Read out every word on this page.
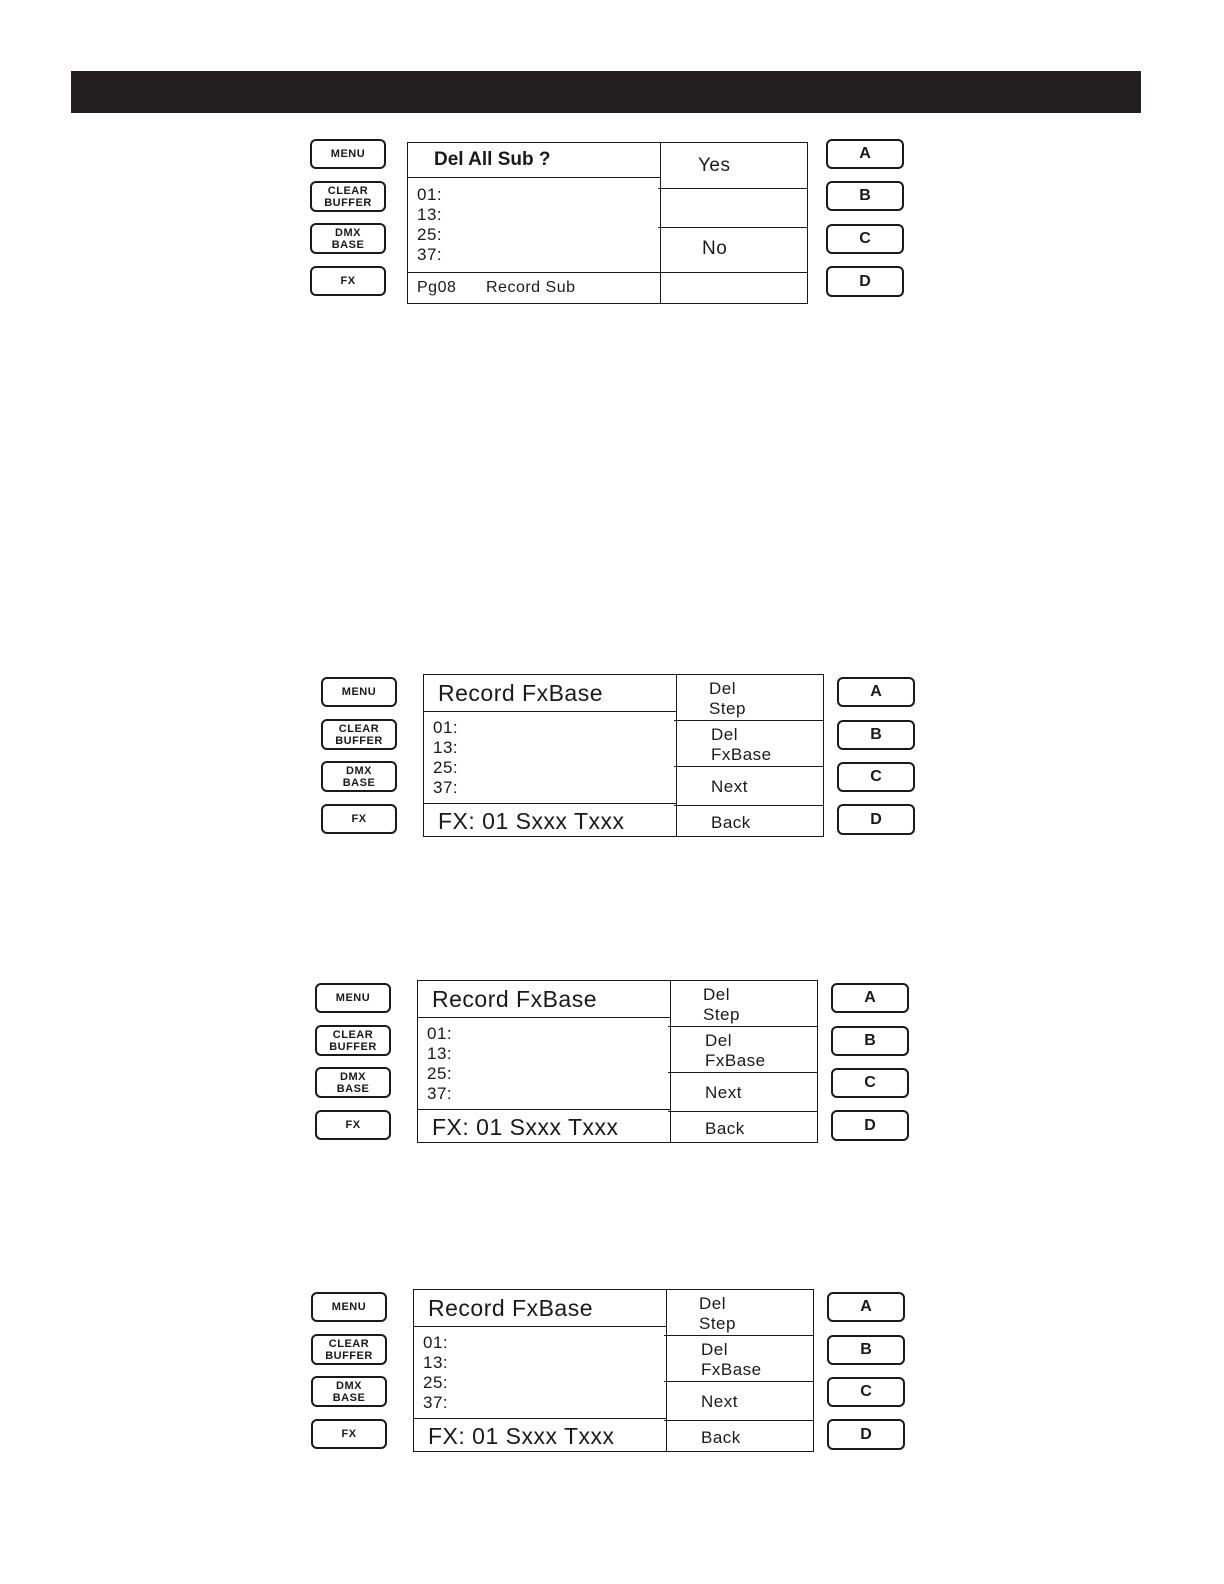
MENU
CLEAR
BUFFER
DMX
BASE
FX
Del All Sub ?
01:
13:
25:
37:
Pg08 Record Sub
Yes
No
A
B
C
D
MENU
CLEAR
BUFFER
DMX
BASE
FX
Record FxBase
01:
13:
25:
37:
FX: 01 Sxxx Txxx
Del
Step
Del
FxBase
Next
Back
A
B
C
D
MENU
CLEAR
BUFFER
DMX
BASE
FX
Record FxBase
01:
13:
25:
37:
FX: 01 Sxxx Txxx
Del
Step
Del
FxBase
Next
Back
A
B
C
D
MENU
CLEAR
BUFFER
DMX
BASE
FX
Record FxBase
01:
13:
25:
37:
FX: 01 Sxxx Txxx
Del
Step
Del
FxBase
Next
Back
A
B
C
D
